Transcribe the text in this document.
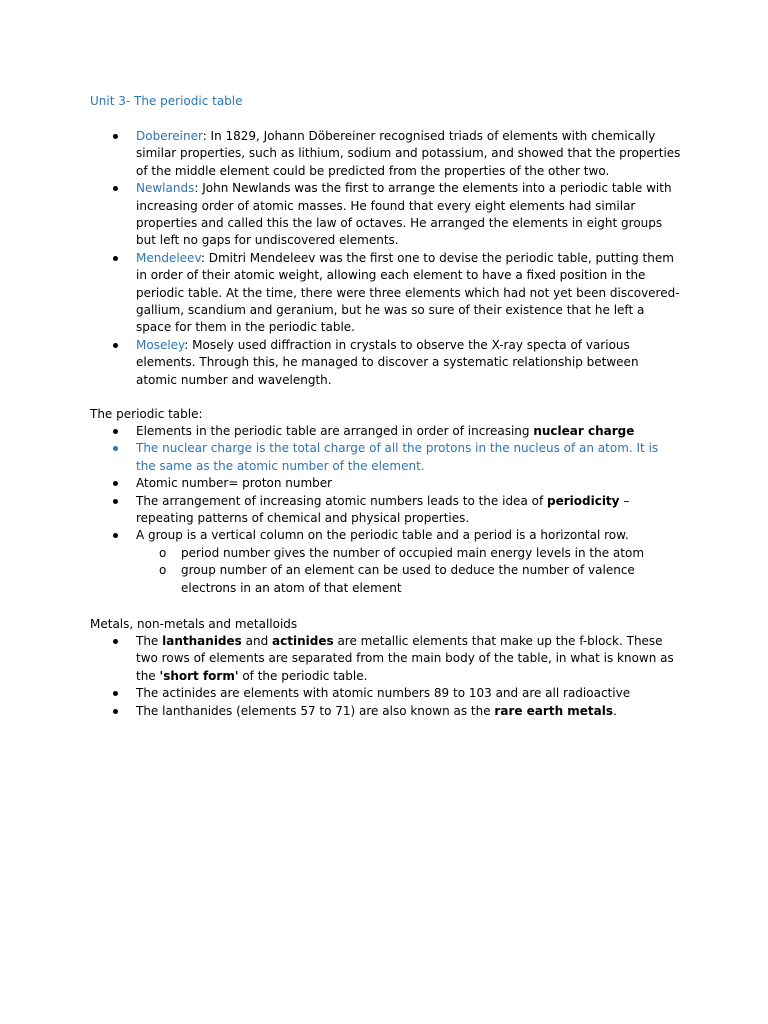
Unit 3- The periodic table
Dobereiner: In 1829, Johann Döbereiner recognised triads of elements with chemically similar properties, such as lithium, sodium and potassium, and showed that the properties of the middle element could be predicted from the properties of the other two.
Newlands: John Newlands was the first to arrange the elements into a periodic table with increasing order of atomic masses. He found that every eight elements had similar properties and called this the law of octaves. He arranged the elements in eight groups but left no gaps for undiscovered elements.
Mendeleev: Dmitri Mendeleev was the first one to devise the periodic table, putting them in order of their atomic weight, allowing each element to have a fixed position in the periodic table. At the time, there were three elements which had not yet been discovered- gallium, scandium and geranium, but he was so sure of their existence that he left a space for them in the periodic table.
Moseley: Mosely used diffraction in crystals to observe the X-ray specta of various elements. Through this, he managed to discover a systematic relationship between atomic number and wavelength.

The periodic table:

Elements in the periodic table are arranged in order of increasing nuclear charge
The nuclear charge is the total charge of all the protons in the nucleus of an atom. It is the same as the atomic number of the element.
Atomic number= proton number
The arrangement of increasing atomic numbers leads to the idea of periodicity – repeating patterns of chemical and physical properties.
A group is a vertical column on the periodic table and a period is a horizontal row.
o period number gives the number of occupied main energy levels in the atom
o group number of an element can be used to deduce the number of valence electrons in an atom of that element

Metals, non-metals and metalloids

The lanthanides and actinides are metallic elements that make up the f-block. These two rows of elements are separated from the main body of the table, in what is known as the 'short form' of the periodic table.
The actinides are elements with atomic numbers 89 to 103 and are all radioactive
The lanthanides (elements 57 to 71) are also known as the rare earth metals.
